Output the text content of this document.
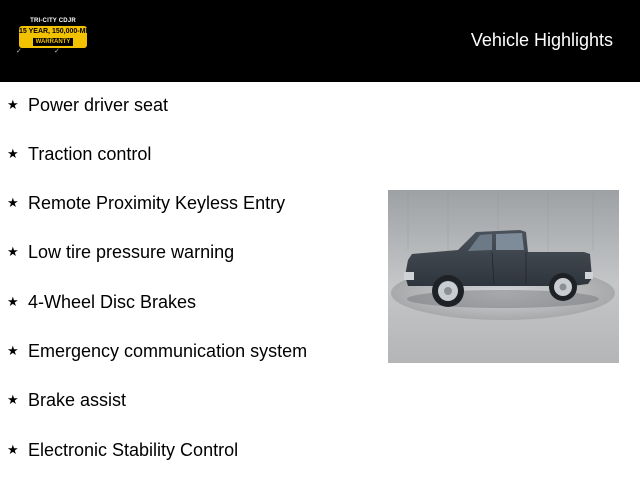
TRI-CITY CDJR
15 YEAR, 150,000-MILE
WARRANTY
✓	✓
Vehicle Highlights
★ Power driver seat
★ Traction control
★ Remote Proximity Keyless Entry
★ Low tire pressure warning
★ 4-Wheel Disc Brakes
★ Emergency communication system
★ Brake assist
★ Electronic Stability Control
